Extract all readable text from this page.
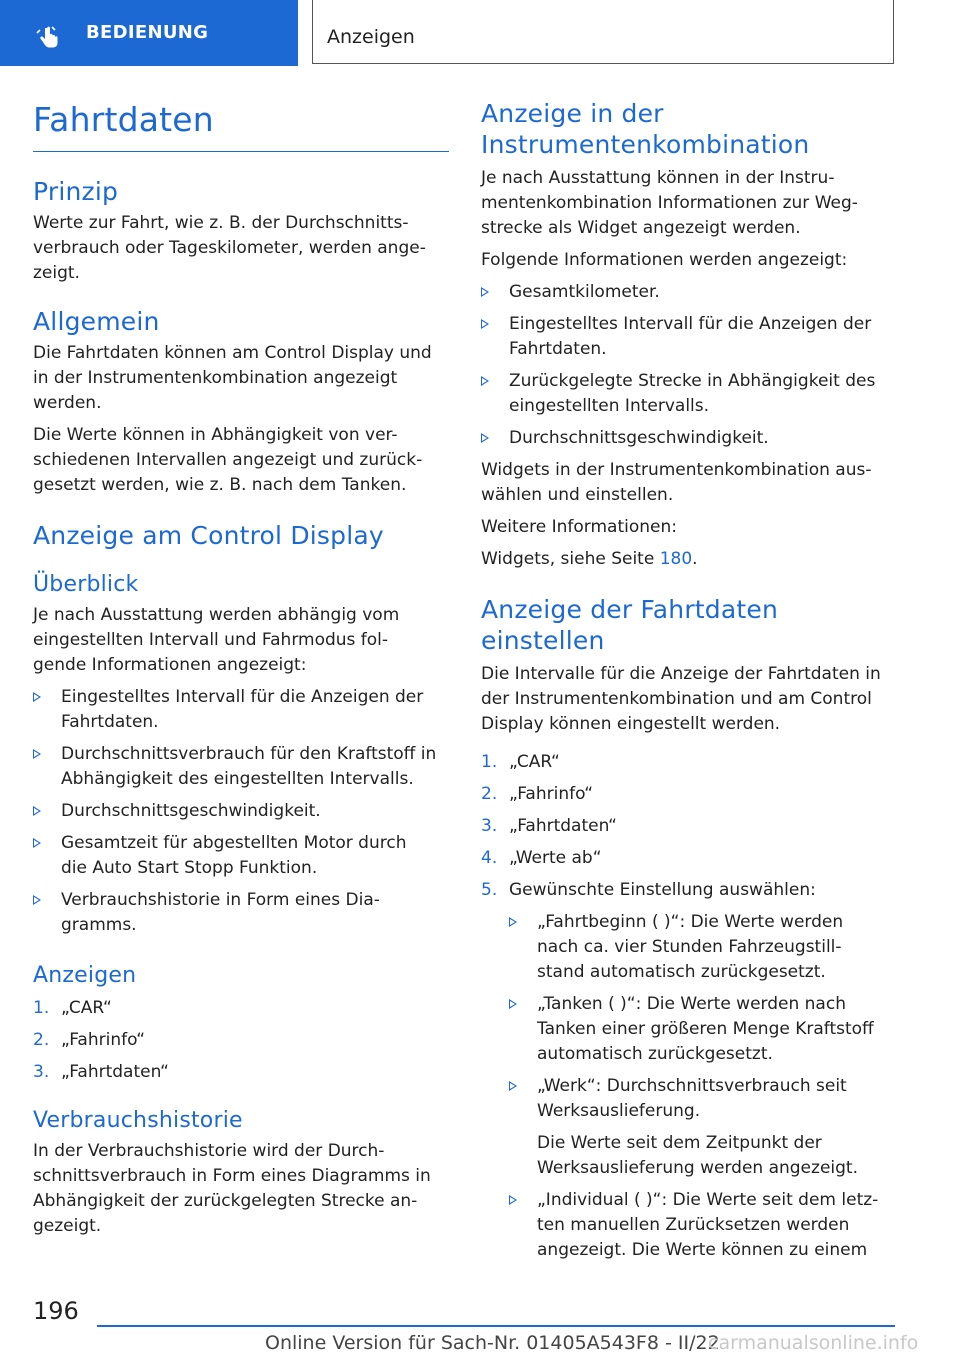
BEDIENUNG	Anzeigen
Fahrtdaten
Prinzip

Werte zur Fahrt, wie z. B. der Durchschnitts-
verbrauch oder Tageskilometer, werden ange-
zeigt.

Allgemein

Die Fahrtdaten können am Control Display und
in der Instrumentenkombination angezeigt
werden.

Die Werte können in Abhängigkeit von ver-
schiedenen Intervallen angezeigt und zurück-
gesetzt werden, wie z. B. nach dem Tanken.

Anzeige am Control Display
Überblick

Je nach Ausstattung werden abhängig vom
eingestellten Intervall und Fahrmodus fol-
gende Informationen angezeigt:

Eingestelltes Intervall für die Anzeigen der
Fahrtdaten.
Durchschnittsverbrauch für den Kraftstoff in
Abhängigkeit des eingestellten Intervalls.
Durchschnittsgeschwindigkeit.
Gesamtzeit für abgestellten Motor durch
die Auto Start Stopp Funktion.
Verbrauchshistorie in Form eines Dia-
gramms.
Anzeigen
1. „CAR“
2. „Fahrinfo“
3. „Fahrtdaten“
Verbrauchshistorie

In der Verbrauchshistorie wird der Durch-
schnittsverbrauch in Form eines Diagramms in
Abhängigkeit der zurückgelegten Strecke an-
gezeigt.

Anzeige in der
Instrumentenkombination

Je nach Ausstattung können in der Instru-
mentenkombination Informationen zur Weg-
strecke als Widget angezeigt werden.

Folgende Informationen werden angezeigt:

Gesamtkilometer.
Eingestelltes Intervall für die Anzeigen der
Fahrtdaten.
Zurückgelegte Strecke in Abhängigkeit des
eingestellten Intervalls.
Durchschnittsgeschwindigkeit.

Widgets in der Instrumentenkombination aus-
wählen und einstellen.

Weitere Informationen:

Widgets, siehe Seite 180.

Anzeige der Fahrtdaten einstellen

Die Intervalle für die Anzeige der Fahrtdaten in
der Instrumentenkombination und am Control
Display können eingestellt werden.

1. „CAR“
2. „Fahrinfo“
3. „Fahrtdaten“
4. „Werte ab“
5. Gewünschte Einstellung auswählen:
„Fahrtbeginn ( )“: Die Werte werden
nach ca. vier Stunden Fahrzeugstill-
stand automatisch zurückgesetzt.
„Tanken ( )“: Die Werte werden nach
Tanken einer größeren Menge Kraftstoff
automatisch zurückgesetzt.
„Werk“: Durchschnittsverbrauch seit
Werksauslieferung.
Die Werte seit dem Zeitpunkt der
Werksauslieferung werden angezeigt.
„Individual ( )“: Die Werte seit dem letz-
ten manuellen Zurücksetzen werden
angezeigt. Die Werte können zu einem
196
Online Version für Sach-Nr. 01405A543F8 - II/22
carmanualsonline.info
